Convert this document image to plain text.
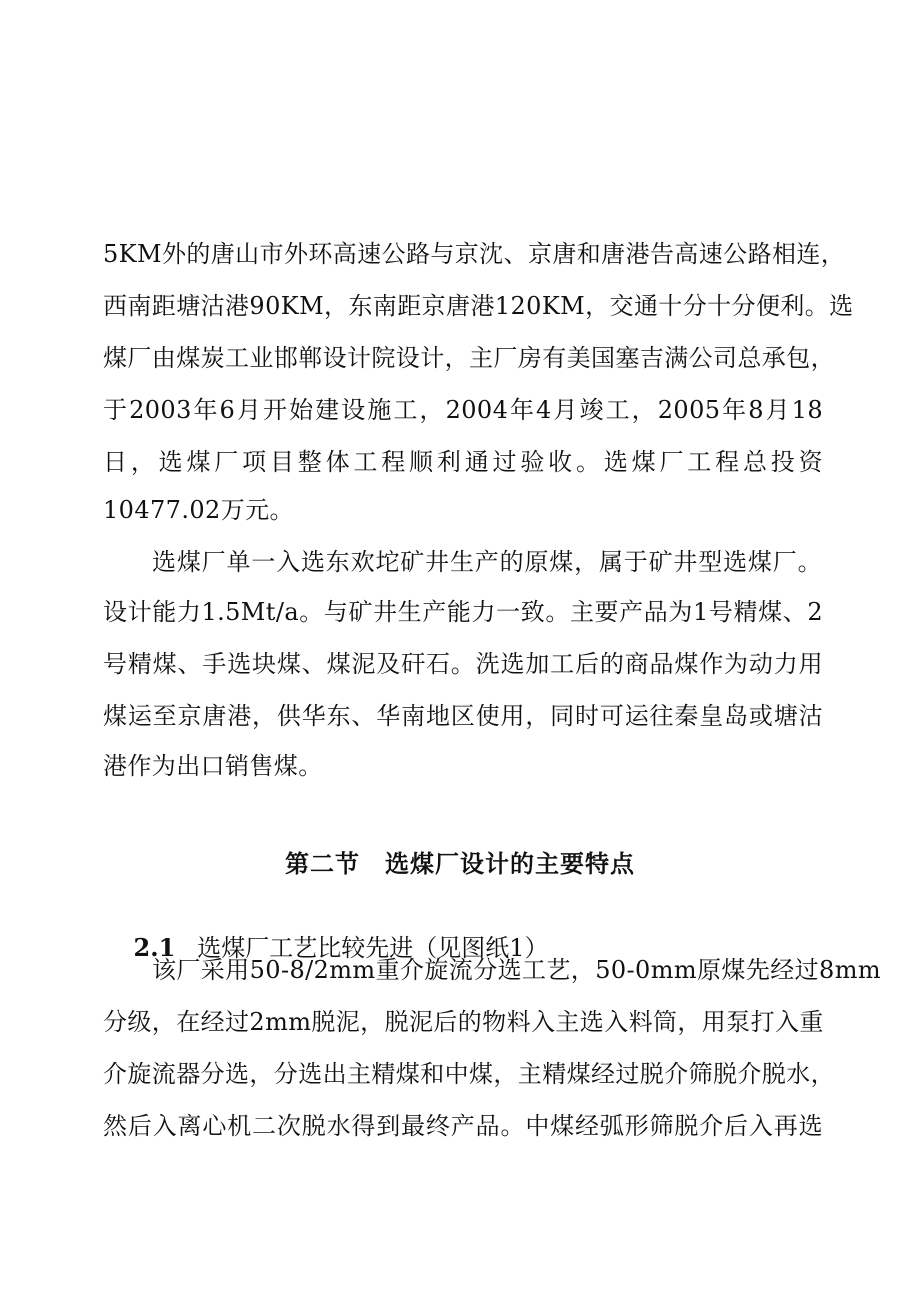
5KM外的唐山市外环高速公路与京沈、京唐和唐港告高速公路相连，
西南距塘沽港90KM，东南距京唐港120KM，交通十分十分便利。选
煤厂由煤炭工业邯郸设计院设计，主厂房有美国塞吉满公司总承包，
于2003年6月开始建设施工，2004年4月竣工，2005年8月18
日，选煤厂项目整体工程顺利通过验收。选煤厂工程总投资
10477.02万元。
选煤厂单一入选东欢坨矿井生产的原煤，属于矿井型选煤厂。
设计能力1.5Mt/a。与矿井生产能力一致。主要产品为1号精煤、2
号精煤、手选块煤、煤泥及矸石。洗选加工后的商品煤作为动力用
煤运至京唐港，供华东、华南地区使用，同时可运往秦皇岛或塘沽
港作为出口销售煤。
第二节　选煤厂设计的主要特点

2.1 选煤厂工艺比较先进（见图纸1）

该厂采用50-8/2mm重介旋流分选工艺，50-0mm原煤先经过8mm
分级，在经过2mm脱泥，脱泥后的物料入主选入料筒，用泵打入重
介旋流器分选，分选出主精煤和中煤，主精煤经过脱介筛脱介脱水，
然后入离心机二次脱水得到最终产品。中煤经弧形筛脱介后入再选
